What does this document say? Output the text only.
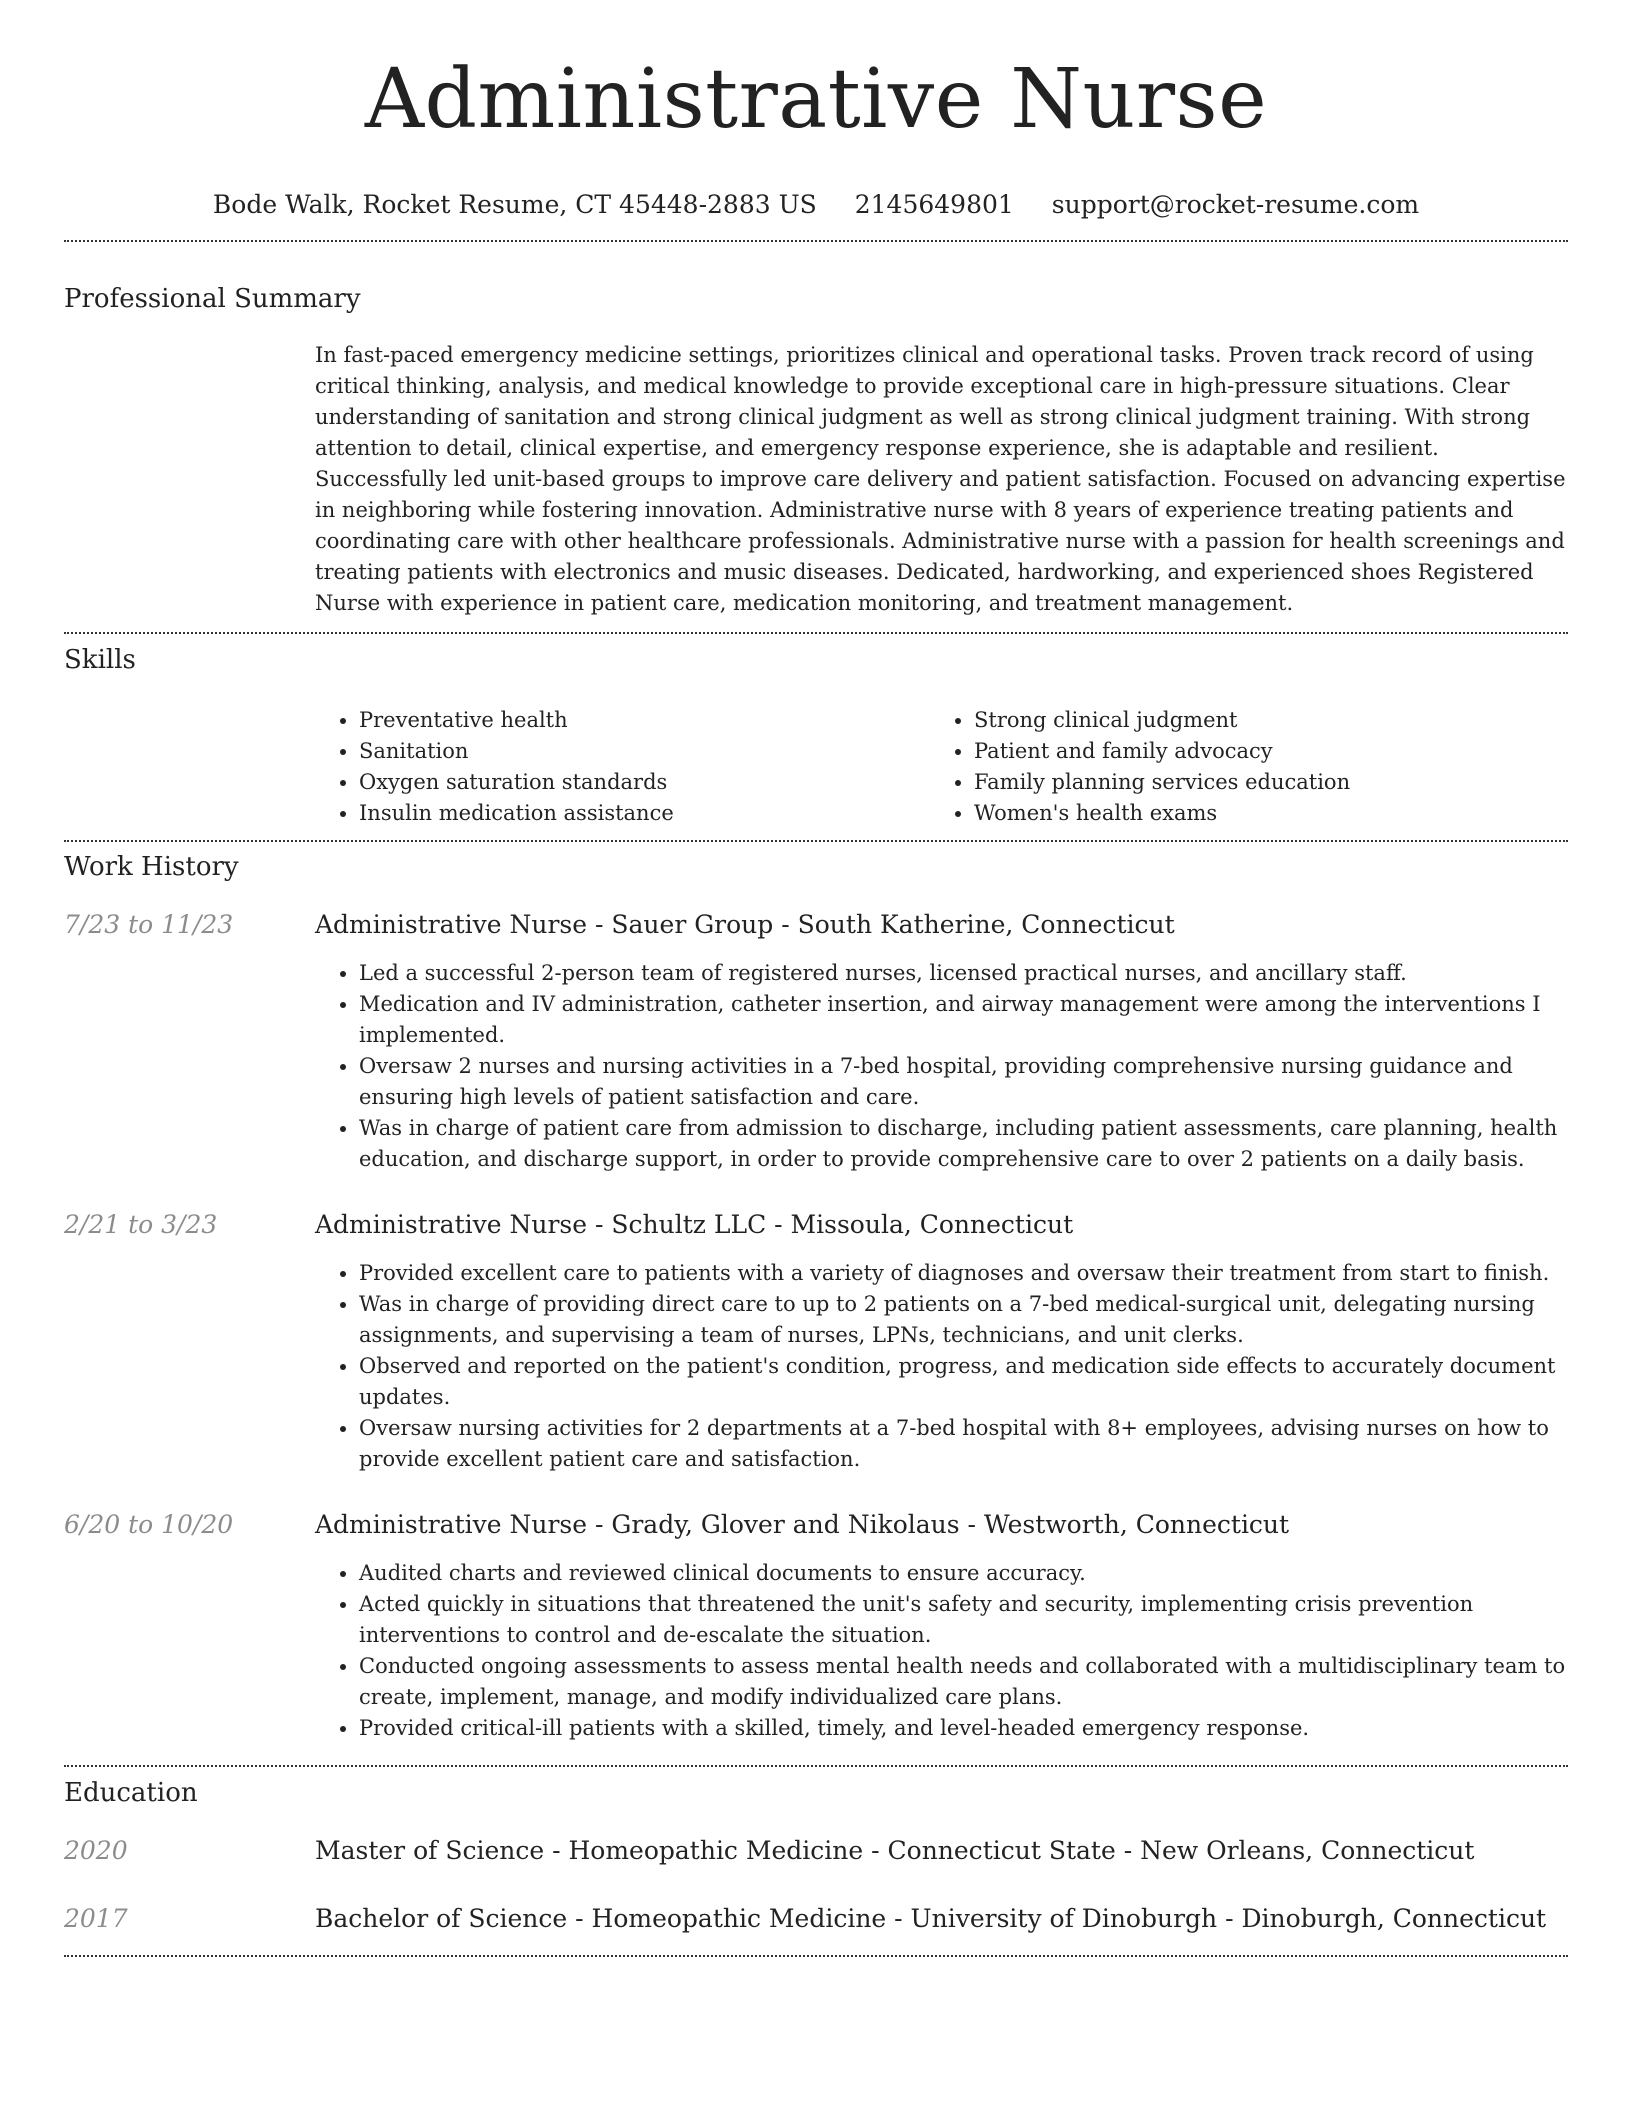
Administrative Nurse
Bode Walk, Rocket Resume, CT 45448-2883 US 2145649801 support@rocket-resume.com
Professional Summary

In fast-paced emergency medicine settings, prioritizes clinical and operational tasks. Proven track record of using critical thinking, analysis, and medical knowledge to provide exceptional care in high-pressure situations. Clear understanding of sanitation and strong clinical judgment as well as strong clinical judgment training. With strong attention to detail, clinical expertise, and emergency response experience, she is adaptable and resilient. Successfully led unit-based groups to improve care delivery and patient satisfaction. Focused on advancing expertise in neighboring while fostering innovation. Administrative nurse with 8 years of experience treating patients and coordinating care with other healthcare professionals. Administrative nurse with a passion for health screenings and treating patients with electronics and music diseases. Dedicated, hardworking, and experienced shoes Registered Nurse with experience in patient care, medication monitoring, and treatment management.

Skills
• Preventative health
• Sanitation
• Oxygen saturation standards
• Insulin medication assistance
• Strong clinical judgment
• Patient and family advocacy
• Family planning services education
• Women's health exams
Work History
7/23 to 11/23	Administrative Nurse - Sauer Group - South Katherine, Connecticut
• Led a successful 2-person team of registered nurses, licensed practical nurses, and ancillary staff.
• Medication and IV administration, catheter insertion, and airway management were among the interventions I implemented.
• Oversaw 2 nurses and nursing activities in a 7-bed hospital, providing comprehensive nursing guidance and ensuring high levels of patient satisfaction and care.
• Was in charge of patient care from admission to discharge, including patient assessments, care planning, health education, and discharge support, in order to provide comprehensive care to over 2 patients on a daily basis.
2/21 to 3/23	Administrative Nurse - Schultz LLC - Missoula, Connecticut
• Provided excellent care to patients with a variety of diagnoses and oversaw their treatment from start to finish.
• Was in charge of providing direct care to up to 2 patients on a 7-bed medical-surgical unit, delegating nursing assignments, and supervising a team of nurses, LPNs, technicians, and unit clerks.
• Observed and reported on the patient's condition, progress, and medication side effects to accurately document updates.
• Oversaw nursing activities for 2 departments at a 7-bed hospital with 8+ employees, advising nurses on how to provide excellent patient care and satisfaction.
6/20 to 10/20	Administrative Nurse - Grady, Glover and Nikolaus - Westworth, Connecticut
• Audited charts and reviewed clinical documents to ensure accuracy.
• Acted quickly in situations that threatened the unit's safety and security, implementing crisis prevention interventions to control and de-escalate the situation.
• Conducted ongoing assessments to assess mental health needs and collaborated with a multidisciplinary team to create, implement, manage, and modify individualized care plans.
• Provided critical-ill patients with a skilled, timely, and level-headed emergency response.
Education
2020	Master of Science - Homeopathic Medicine - Connecticut State - New Orleans, Connecticut
2017	Bachelor of Science - Homeopathic Medicine - University of Dinoburgh - Dinoburgh, Connecticut
